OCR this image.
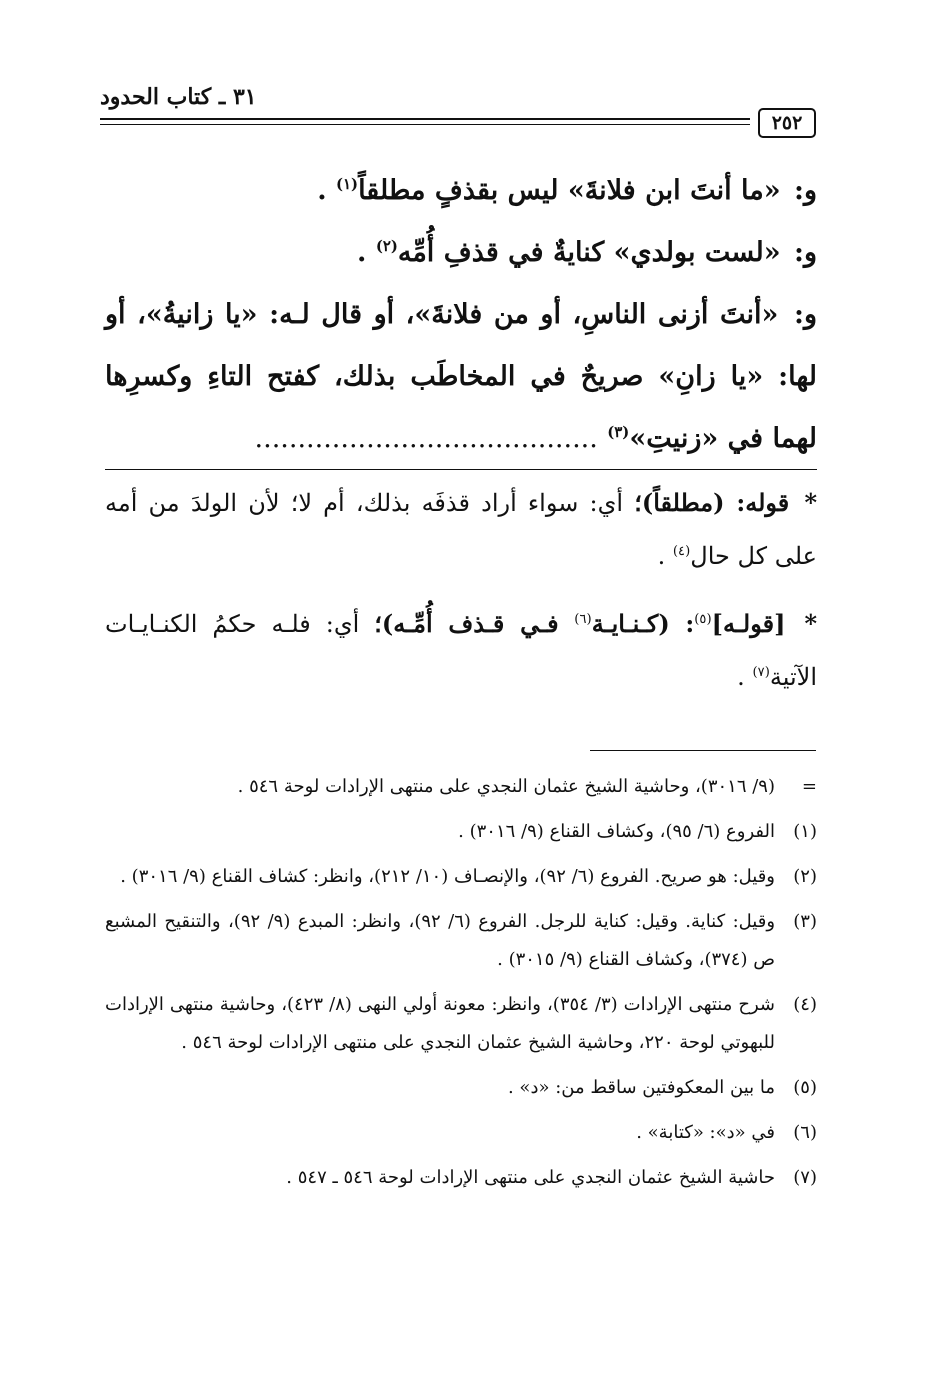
٣١ ـ كتاب الحدود
٢٥٢

و: «ما أنتَ ابن فلانةَ» ليس بقذفٍ مطلقاً$^{(١)}$ .

و: «لست بولدي» كنايةٌ في قذفِ أُمِّه$^{(٢)}$ .

و: «أنتَ أزنى الناسِ، أو من فلانةَ»، أو قال لـه: «يا زانيةُ»، أو لها: «يا زانِ» صريحٌ في المخاطَب بذلك، كفتح التاءِ وكسرِها لهما في «زنيتِ»$^{(٣)}$ ........................................

* قوله: (مطلقاً)؛ أي: سواء أراد قذفَه بذلك، أم لا؛ لأن الولدَ من أمه على كل حال$^{(٤)}$ .

* [قولـه]$^{(٥)}$: (كـنـايـة$^{(٦)}$ فـي قـذف أُمِّـه)؛ أي: فلـه حكمُ الكنـايـات الآتية$^{(٧)}$ .

=
(٩/ ٣٠١٦)، وحاشية الشيخ عثمان النجدي على منتهى الإرادات لوحة ٥٤٦ .
(١)
الفروع (٦/ ٩٥)، وكشاف القناع (٩/ ٣٠١٦) .
(٢)
وقيل: هو صريح. الفروع (٦/ ٩٢)، والإنصـاف (١٠/ ٢١٢)، وانظر: كشاف القناع (٩/ ٣٠١٦) .
(٣)
وقيل: كناية. وقيل: كناية للرجل. الفروع (٦/ ٩٢)، وانظر: المبدع (٩/ ٩٢)، والتنقيح المشبع ص (٣٧٤)، وكشاف القناع (٩/ ٣٠١٥) .
(٤)
شرح منتهى الإرادات (٣/ ٣٥٤)، وانظر: معونة أولي النهى (٨/ ٤٢٣)، وحاشية منتهى الإرادات للبهوتي لوحة ٢٢٠، وحاشية الشيخ عثمان النجدي على منتهى الإرادات لوحة ٥٤٦ .
(٥)
ما بين المعكوفتين ساقط من: «د» .
(٦)
في «د»: «كتابة» .
(٧)
حاشية الشيخ عثمان النجدي على منتهى الإرادات لوحة ٥٤٦ ـ ٥٤٧ .
